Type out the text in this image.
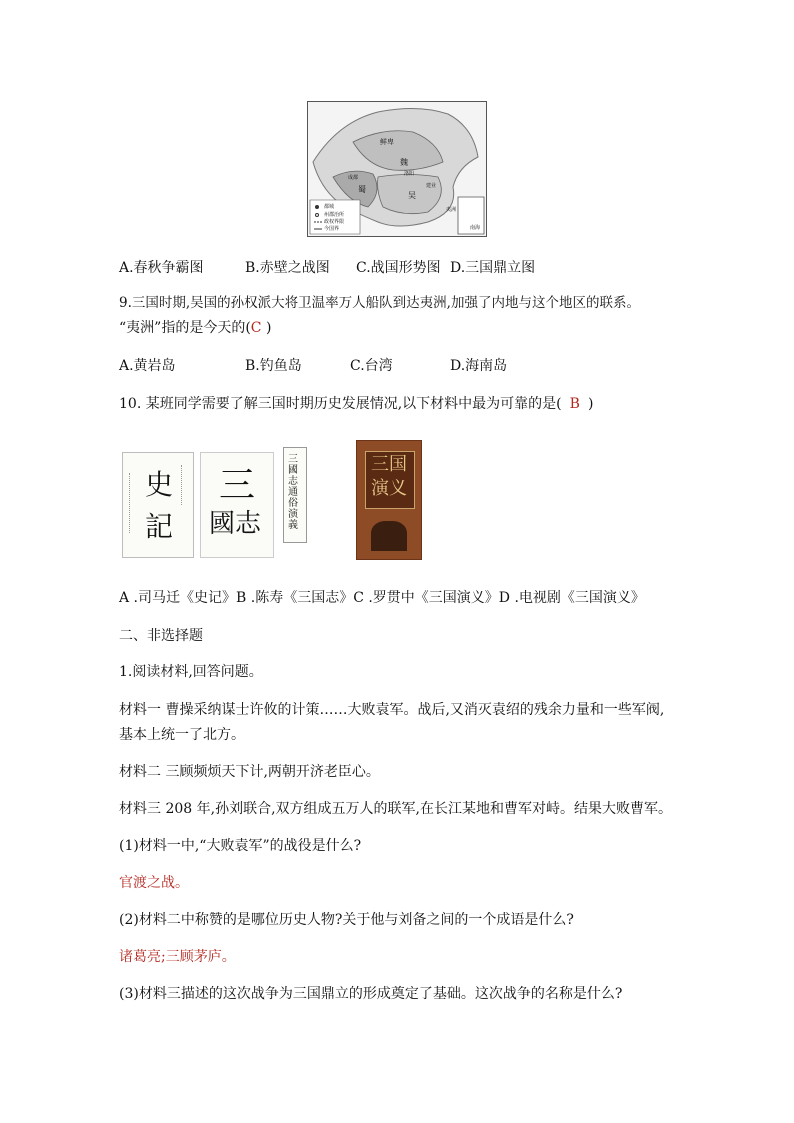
鲜卑
魏
蜀
吴
洛阳
成都
建业
夷洲
南海
都城
州郡治所
政权界限
今国界
A.春秋争霸图	B.赤壁之战图 C.战国形势图 D.三国鼎立图
9.三国时期,吴国的孙权派大将卫温率万人船队到达夷洲,加强了内地与这个地区的联系。
“夷洲”指的是今天的(C )
A.黄岩岛	B.钓鱼岛	C.台湾	D.海南岛
10. 某班同学需要了解三国时期历史发展情况,以下材料中最为可靠的是( B )
史
記
三
國志
三國志通俗演義
三国演义
A .司马迁《史记》B .陈寿《三国志》C .罗贯中《三国演义》D .电视剧《三国演义》
二、非选择题
1.阅读材料,回答问题。
材料一 曹操采纳谋士许攸的计策……大败袁军。战后,又消灭袁绍的残余力量和一些军阀,
基本上统一了北方。
材料二 三顾频烦天下计,两朝开济老臣心。
材料三 208 年,孙刘联合,双方组成五万人的联军,在长江某地和曹军对峙。结果大败曹军。
(1)材料一中,“大败袁军”的战役是什么?
官渡之战。
(2)材料二中称赞的是哪位历史人物?关于他与刘备之间的一个成语是什么?
诸葛亮;三顾茅庐。
(3)材料三描述的这次战争为三国鼎立的形成奠定了基础。这次战争的名称是什么?
